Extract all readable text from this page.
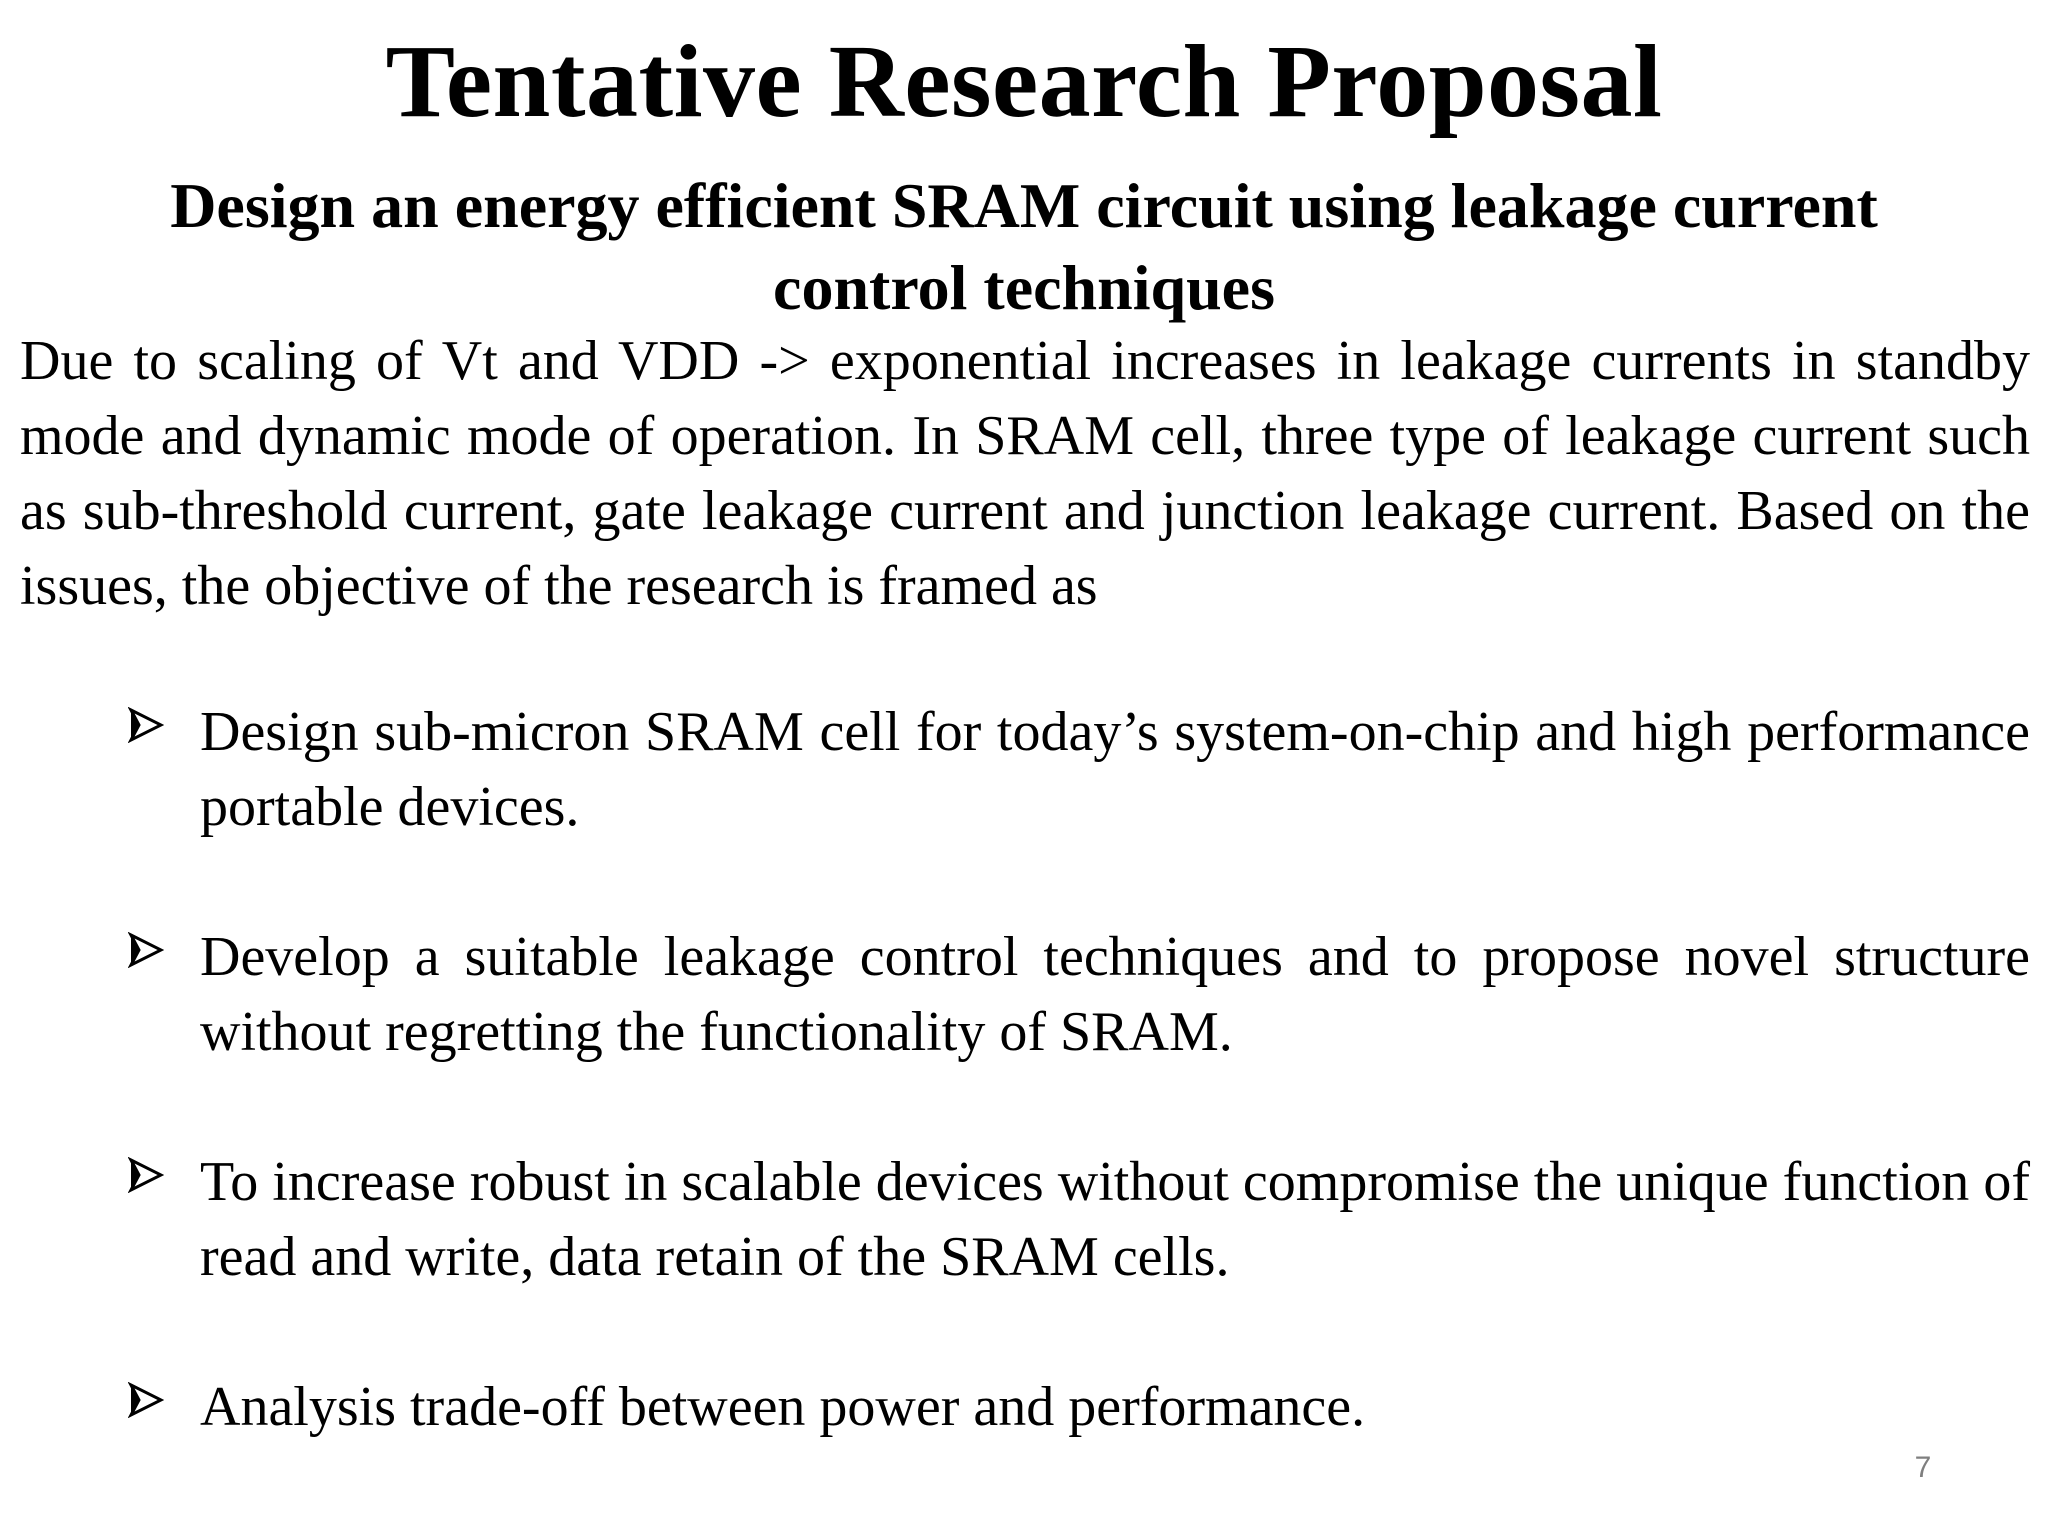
Tentative Research Proposal
Design an energy efficient SRAM circuit using leakage current control techniques
Due to scaling of Vt and VDD -> exponential increases in leakage currents in standby mode and dynamic mode of operation. In SRAM cell, three type of leakage current such as sub-threshold current, gate leakage current and junction leakage current. Based on the issues, the objective of the research is framed as
Design sub-micron SRAM cell for today’s system-on-chip and high performance portable devices.
Develop a suitable leakage control techniques and to propose novel structure without regretting the functionality of SRAM.
To increase robust in scalable devices without compromise the unique function of read and write, data retain of the SRAM cells.
Analysis trade-off between power and performance.
7
